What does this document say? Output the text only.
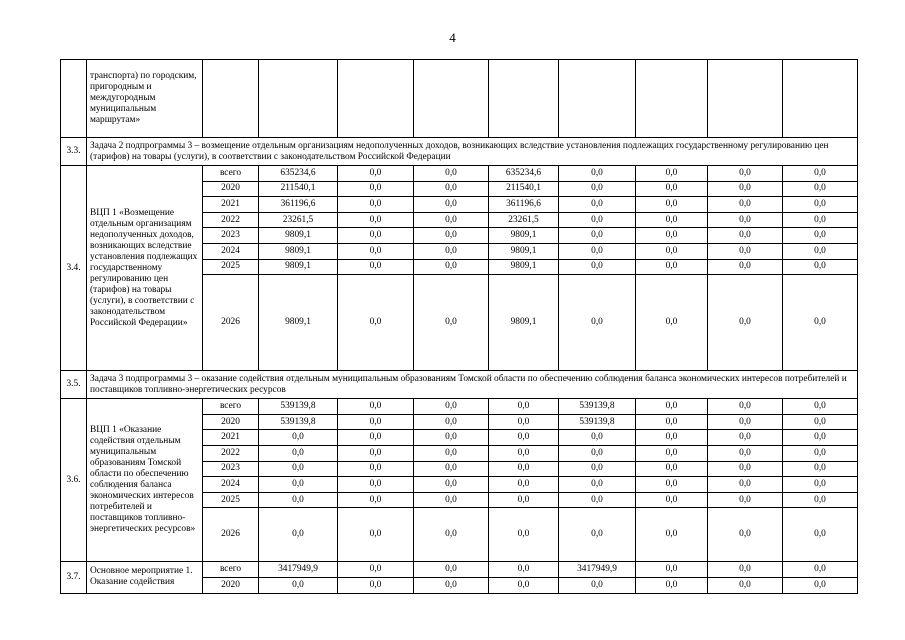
4
	транспорта) по городским, пригородным и междугородным муниципальным маршрутам»									
3.3.	Задача 2 подпрограммы 3 – возмещение отдельным организациям недополученных доходов, возникающих вследствие установления подлежащих государственному регулированию цен (тарифов) на товары (услуги), в соответствии с законодательством Российской Федерации									
3.4.	ВЦП 1 «Возмещение отдельным организациям недополученных доходов, возникающих вследствие установления подлежащих государственному регулированию цен (тарифов) на товары (услуги), в соответствии с законодательством Российской Федерации»	всего	635234,6	0,0	0,0	635234,6	0,0	0,0	0,0	0,0
		2020	211540,1	0,0	0,0	211540,1	0,0	0,0	0,0	0,0
		2021	361196,6	0,0	0,0	361196,6	0,0	0,0	0,0	0,0
		2022	23261,5	0,0	0,0	23261,5	0,0	0,0	0,0	0,0
		2023	9809,1	0,0	0,0	9809,1	0,0	0,0	0,0	0,0
		2024	9809,1	0,0	0,0	9809,1	0,0	0,0	0,0	0,0
		2025	9809,1	0,0	0,0	9809,1	0,0	0,0	0,0	0,0
		2026	9809,1	0,0	0,0	9809,1	0,0	0,0	0,0	0,0
3.5.	Задача 3 подпрограммы 3 – оказание содействия отдельным муниципальным образованиям Томской области по обеспечению соблюдения баланса экономических интересов потребителей и поставщиков топливно-энергетических ресурсов									
3.6.	ВЦП 1 «Оказание содействия отдельным муниципальным образованиям Томской области по обеспечению соблюдения баланса экономических интересов потребителей и поставщиков топливно-энергетических ресурсов»	всего	539139,8	0,0	0,0	0,0	539139,8	0,0	0,0	0,0
		2020	539139,8	0,0	0,0	0,0	539139,8	0,0	0,0	0,0
		2021	0,0	0,0	0,0	0,0	0,0	0,0	0,0	0,0
		2022	0,0	0,0	0,0	0,0	0,0	0,0	0,0	0,0
		2023	0,0	0,0	0,0	0,0	0,0	0,0	0,0	0,0
		2024	0,0	0,0	0,0	0,0	0,0	0,0	0,0	0,0
		2025	0,0	0,0	0,0	0,0	0,0	0,0	0,0	0,0
		2026	0,0	0,0	0,0	0,0	0,0	0,0	0,0	0,0
3.7.	Основное мероприятие 1. Оказание содействия	всего	3417949,9	0,0	0,0	0,0	3417949,9	0,0	0,0	0,0
		2020	0,0	0,0	0,0	0,0	0,0	0,0	0,0	0,0
